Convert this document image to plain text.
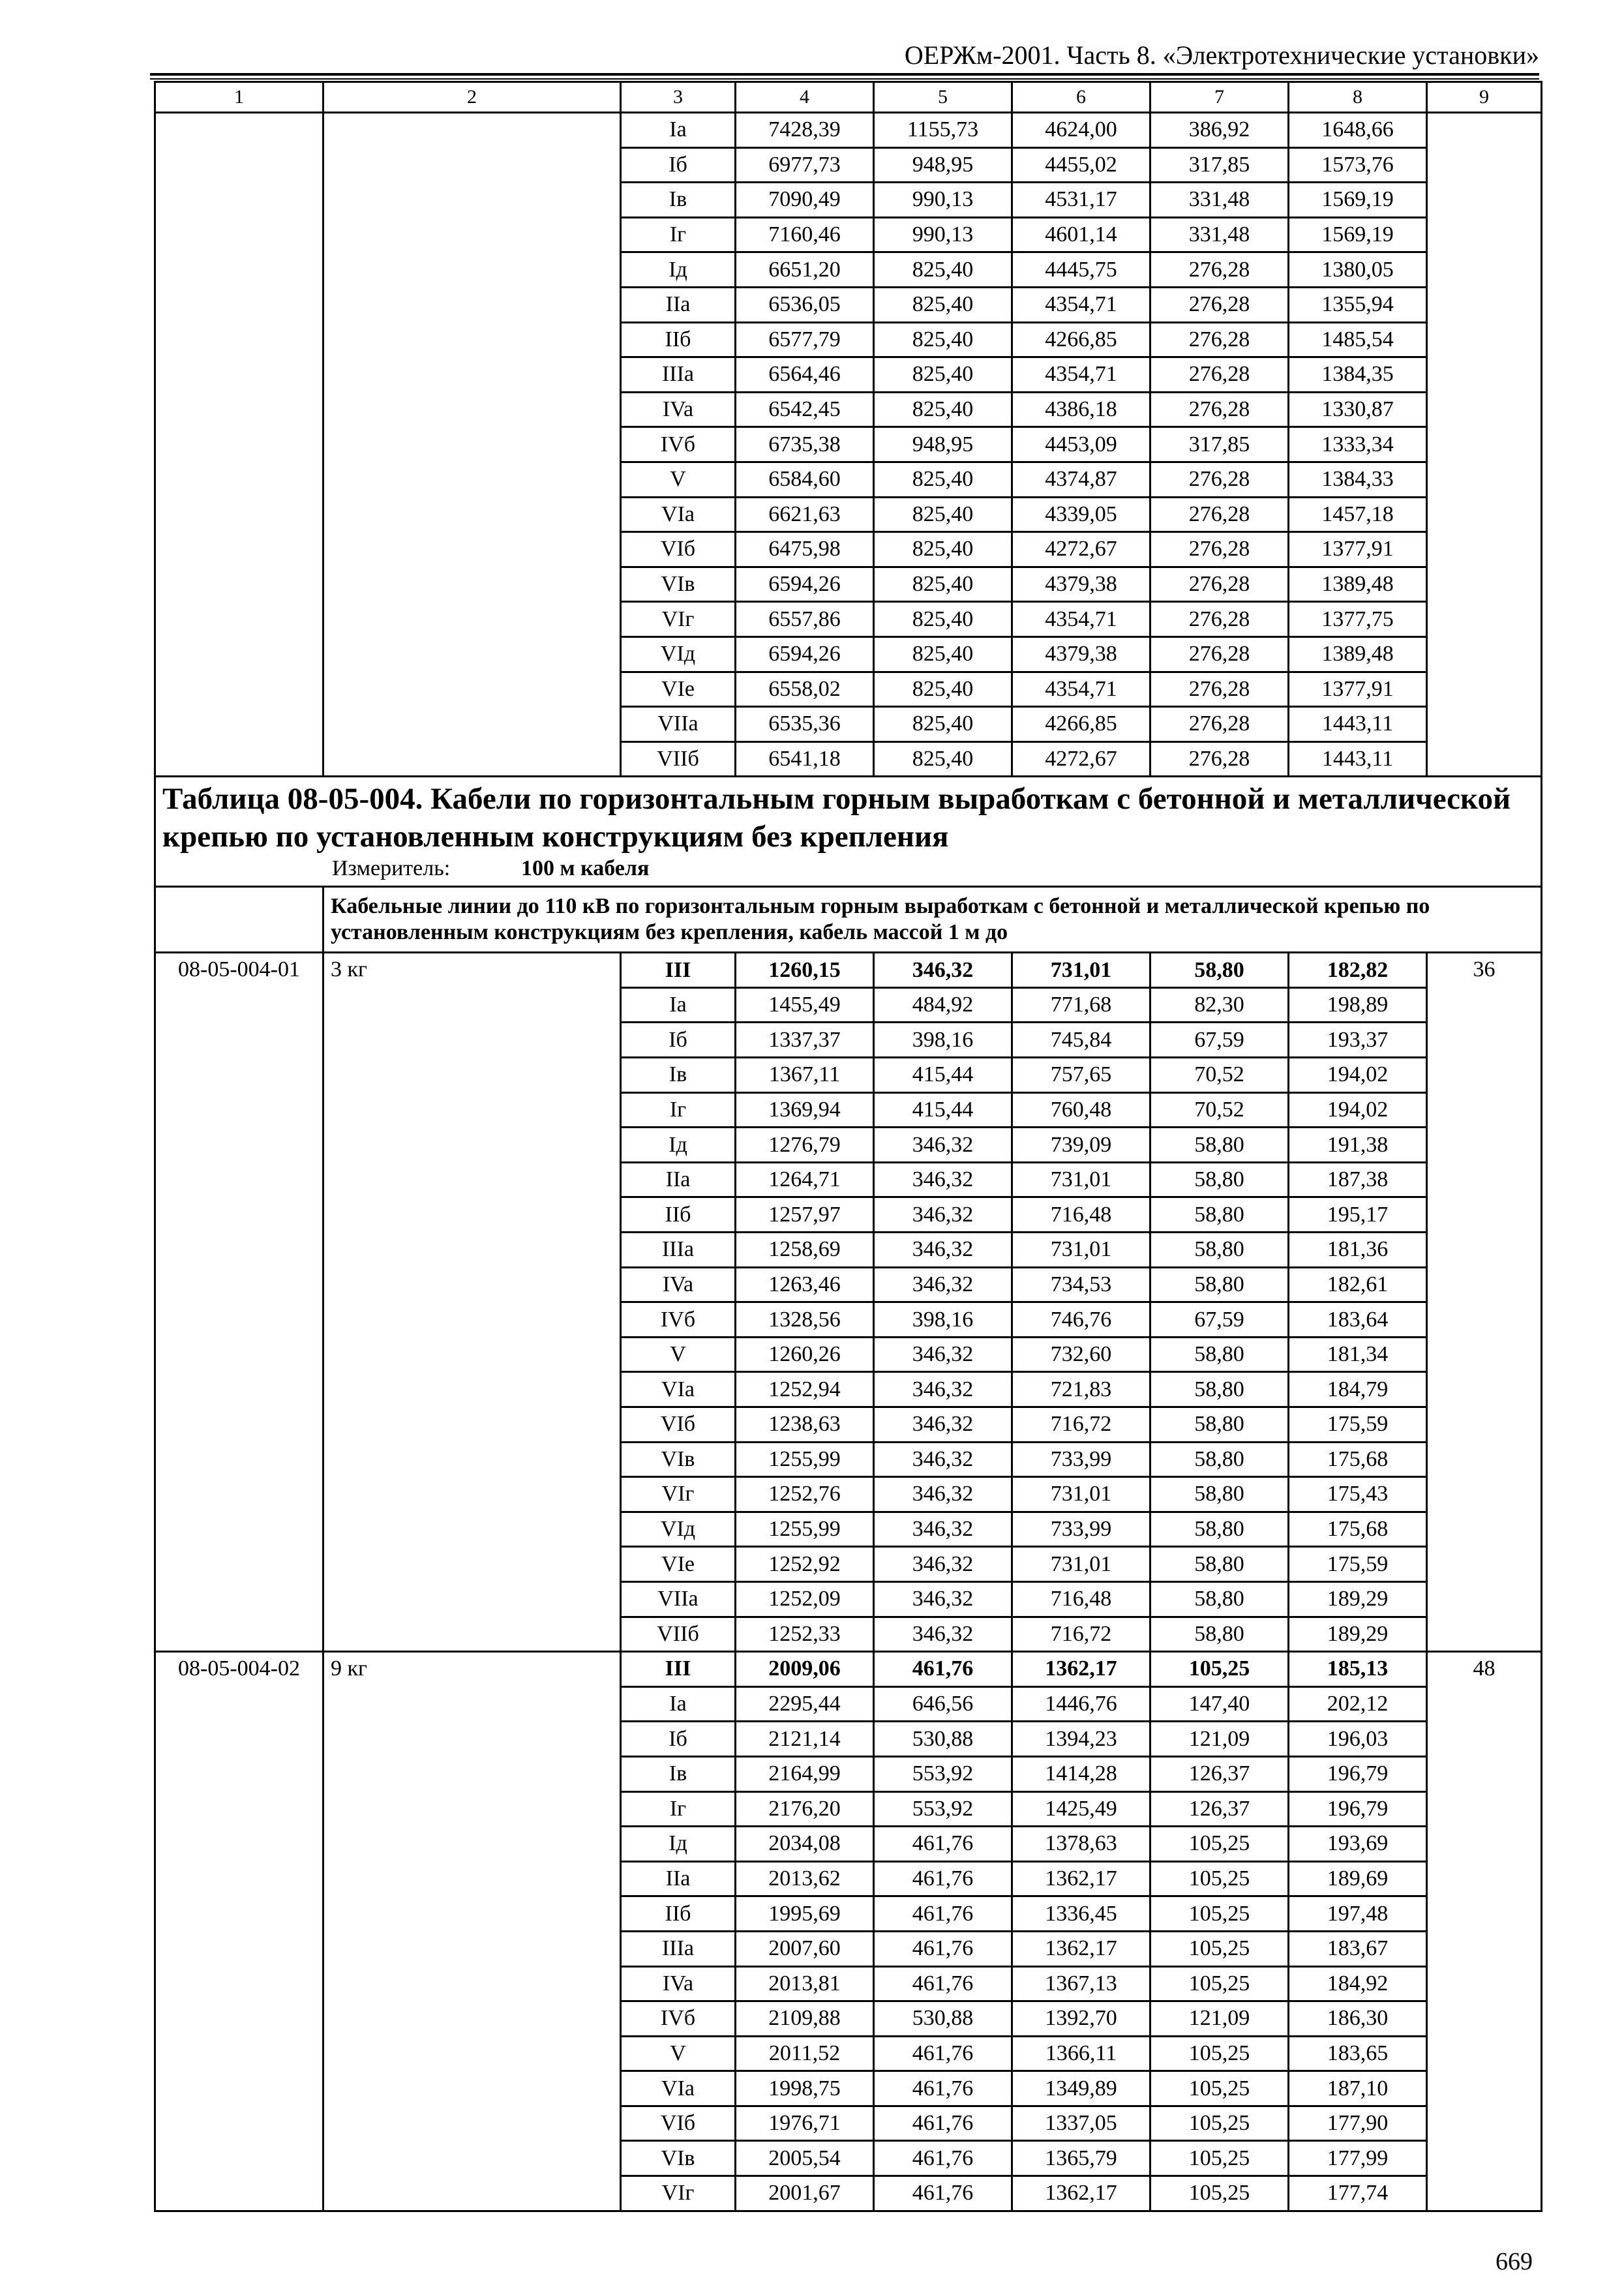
ОЕРЖм-2001. Часть 8. «Электротехнические установки»
1	2	3	4	5	6	7	8	9
		Ia	7428,39	1155,73	4624,00	386,92	1648,66	
		Iб	6977,73	948,95	4455,02	317,85	1573,76	
		Iв	7090,49	990,13	4531,17	331,48	1569,19	
		Iг	7160,46	990,13	4601,14	331,48	1569,19	
		Iд	6651,20	825,40	4445,75	276,28	1380,05	
		IIa	6536,05	825,40	4354,71	276,28	1355,94	
		IIб	6577,79	825,40	4266,85	276,28	1485,54	
		IIIa	6564,46	825,40	4354,71	276,28	1384,35	
		IVa	6542,45	825,40	4386,18	276,28	1330,87	
		IVб	6735,38	948,95	4453,09	317,85	1333,34	
		V	6584,60	825,40	4374,87	276,28	1384,33	
		VIa	6621,63	825,40	4339,05	276,28	1457,18	
		VIб	6475,98	825,40	4272,67	276,28	1377,91	
		VIв	6594,26	825,40	4379,38	276,28	1389,48	
		VIг	6557,86	825,40	4354,71	276,28	1377,75	
		VIд	6594,26	825,40	4379,38	276,28	1389,48	
		VIe	6558,02	825,40	4354,71	276,28	1377,91	
		VIIa	6535,36	825,40	4266,85	276,28	1443,11	
		VIIб	6541,18	825,40	4272,67	276,28	1443,11	

Таблица 08-05-004. Кабели по горизонтальным горным выработкам с бетонной и металлической крепью по установленным конструкциям без крепления
Измеритель: 100 м кабеля								

	Кабельные линии до 110 кВ по горизонтальным горным выработкам с бетонной и металлической крепью по установленным конструкциям без крепления, кабель массой 1 м до							
08-05-004-01	3 кг	III	1260,15	346,32	731,01	58,80	182,82	36
		Ia	1455,49	484,92	771,68	82,30	198,89	
		Iб	1337,37	398,16	745,84	67,59	193,37	
		Iв	1367,11	415,44	757,65	70,52	194,02	
		Iг	1369,94	415,44	760,48	70,52	194,02	
		Iд	1276,79	346,32	739,09	58,80	191,38	
		IIa	1264,71	346,32	731,01	58,80	187,38	
		IIб	1257,97	346,32	716,48	58,80	195,17	
		IIIa	1258,69	346,32	731,01	58,80	181,36	
		IVa	1263,46	346,32	734,53	58,80	182,61	
		IVб	1328,56	398,16	746,76	67,59	183,64	
		V	1260,26	346,32	732,60	58,80	181,34	
		VIa	1252,94	346,32	721,83	58,80	184,79	
		VIб	1238,63	346,32	716,72	58,80	175,59	
		VIв	1255,99	346,32	733,99	58,80	175,68	
		VIг	1252,76	346,32	731,01	58,80	175,43	
		VIд	1255,99	346,32	733,99	58,80	175,68	
		VIe	1252,92	346,32	731,01	58,80	175,59	
		VIIa	1252,09	346,32	716,48	58,80	189,29	
		VIIб	1252,33	346,32	716,72	58,80	189,29	
08-05-004-02	9 кг	III	2009,06	461,76	1362,17	105,25	185,13	48
		Ia	2295,44	646,56	1446,76	147,40	202,12	
		Iб	2121,14	530,88	1394,23	121,09	196,03	
		Iв	2164,99	553,92	1414,28	126,37	196,79	
		Iг	2176,20	553,92	1425,49	126,37	196,79	
		Iд	2034,08	461,76	1378,63	105,25	193,69	
		IIa	2013,62	461,76	1362,17	105,25	189,69	
		IIб	1995,69	461,76	1336,45	105,25	197,48	
		IIIa	2007,60	461,76	1362,17	105,25	183,67	
		IVa	2013,81	461,76	1367,13	105,25	184,92	
		IVб	2109,88	530,88	1392,70	121,09	186,30	
		V	2011,52	461,76	1366,11	105,25	183,65	
		VIa	1998,75	461,76	1349,89	105,25	187,10	
		VIб	1976,71	461,76	1337,05	105,25	177,90	
		VIв	2005,54	461,76	1365,79	105,25	177,99	
		VIг	2001,67	461,76	1362,17	105,25	177,74	
669
